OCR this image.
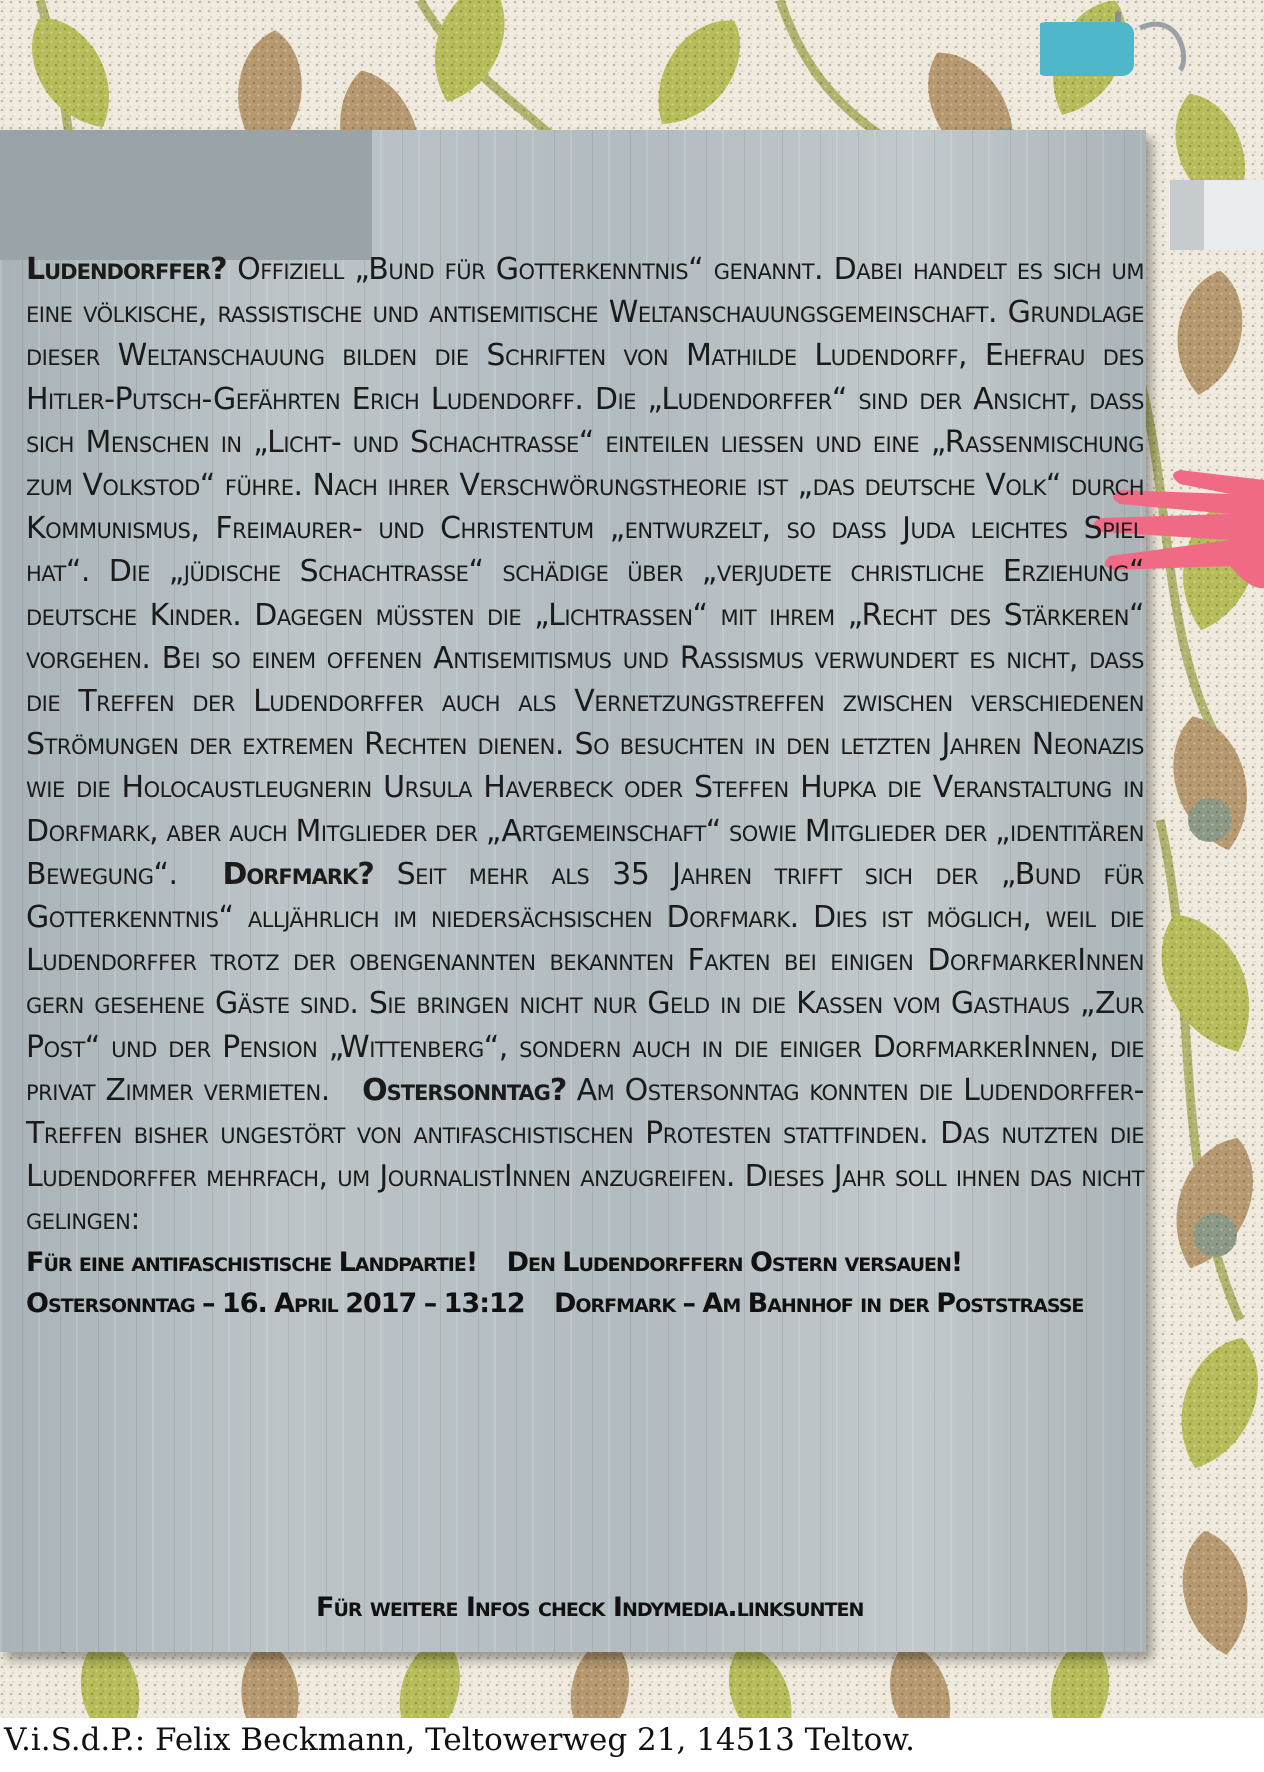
Ludendorffer? Offiziell „Bund für Gotterkenntnis“ genannt. Dabei handelt es sich um eine völkische, rassistische und antisemitische Weltanschauungsgemeinschaft. Grundlage dieser Weltanschauung bilden die Schriften von Mathilde Ludendorff, Ehefrau des Hitler-Putsch-Gefährten Erich Ludendorff. Die „Ludendorffer“ sind der Ansicht, dass sich Menschen in „Licht- und Schachtrasse“ einteilen liessen und eine „Rassenmischung zum Volkstod“ führe. Nach ihrer Verschwörungstheorie ist „das deutsche Volk“ durch Kommunismus, Freimaurer- und Christentum „entwurzelt, so dass Juda leichtes Spiel hat“. Die „jüdische Schachtrasse“ schädige über „verjudete christliche Erziehung“ deutsche Kinder. Dagegen müssten die „Lichtrassen“ mit ihrem „Recht des Stärkeren“ vorgehen. Bei so einem offenen Antisemitismus und Rassismus verwundert es nicht, dass die Treffen der Ludendorffer auch als Vernetzungstreffen zwischen verschiedenen Strömungen der extremen Rechten dienen. So besuchten in den letzten Jahren Neonazis wie die Holocaustleugnerin Ursula Haverbeck oder Steffen Hupka die Veranstaltung in Dorfmark, aber auch Mitglieder der „Artgemeinschaft“ sowie Mitglieder der „identitären Bewegung“. Dorfmark? Seit mehr als 35 Jahren trifft sich der „Bund für Gotterkenntnis“ alljährlich im niedersächsischen Dorfmark. Dies ist möglich, weil die Ludendorffer trotz der obengenannten bekannten Fakten bei einigen DorfmarkerInnen gern gesehene Gäste sind. Sie bringen nicht nur Geld in die Kassen vom Gasthaus „Zur Post“ und der Pension „Wittenberg“, sondern auch in die einiger DorfmarkerInnen, die privat Zimmer vermieten. Ostersonntag? Am Ostersonntag konnten die Ludendorffer-Treffen bisher ungestört von antifaschistischen Protesten stattfinden. Das nutzten die Ludendorffer mehrfach, um JournalistInnen anzugreifen. Dieses Jahr soll ihnen das nicht gelingen:

Für eine antifaschistische Landpartie! Den Ludendorffern Ostern versauen! Ostersonntag – 16. April 2017 – 13:12 Dorfmark – Am Bahnhof in der Poststrasse

Für weitere Infos check Indymedia.linksunten
V.i.S.d.P.: Felix Beckmann, Teltowerweg 21, 14513 Teltow.
